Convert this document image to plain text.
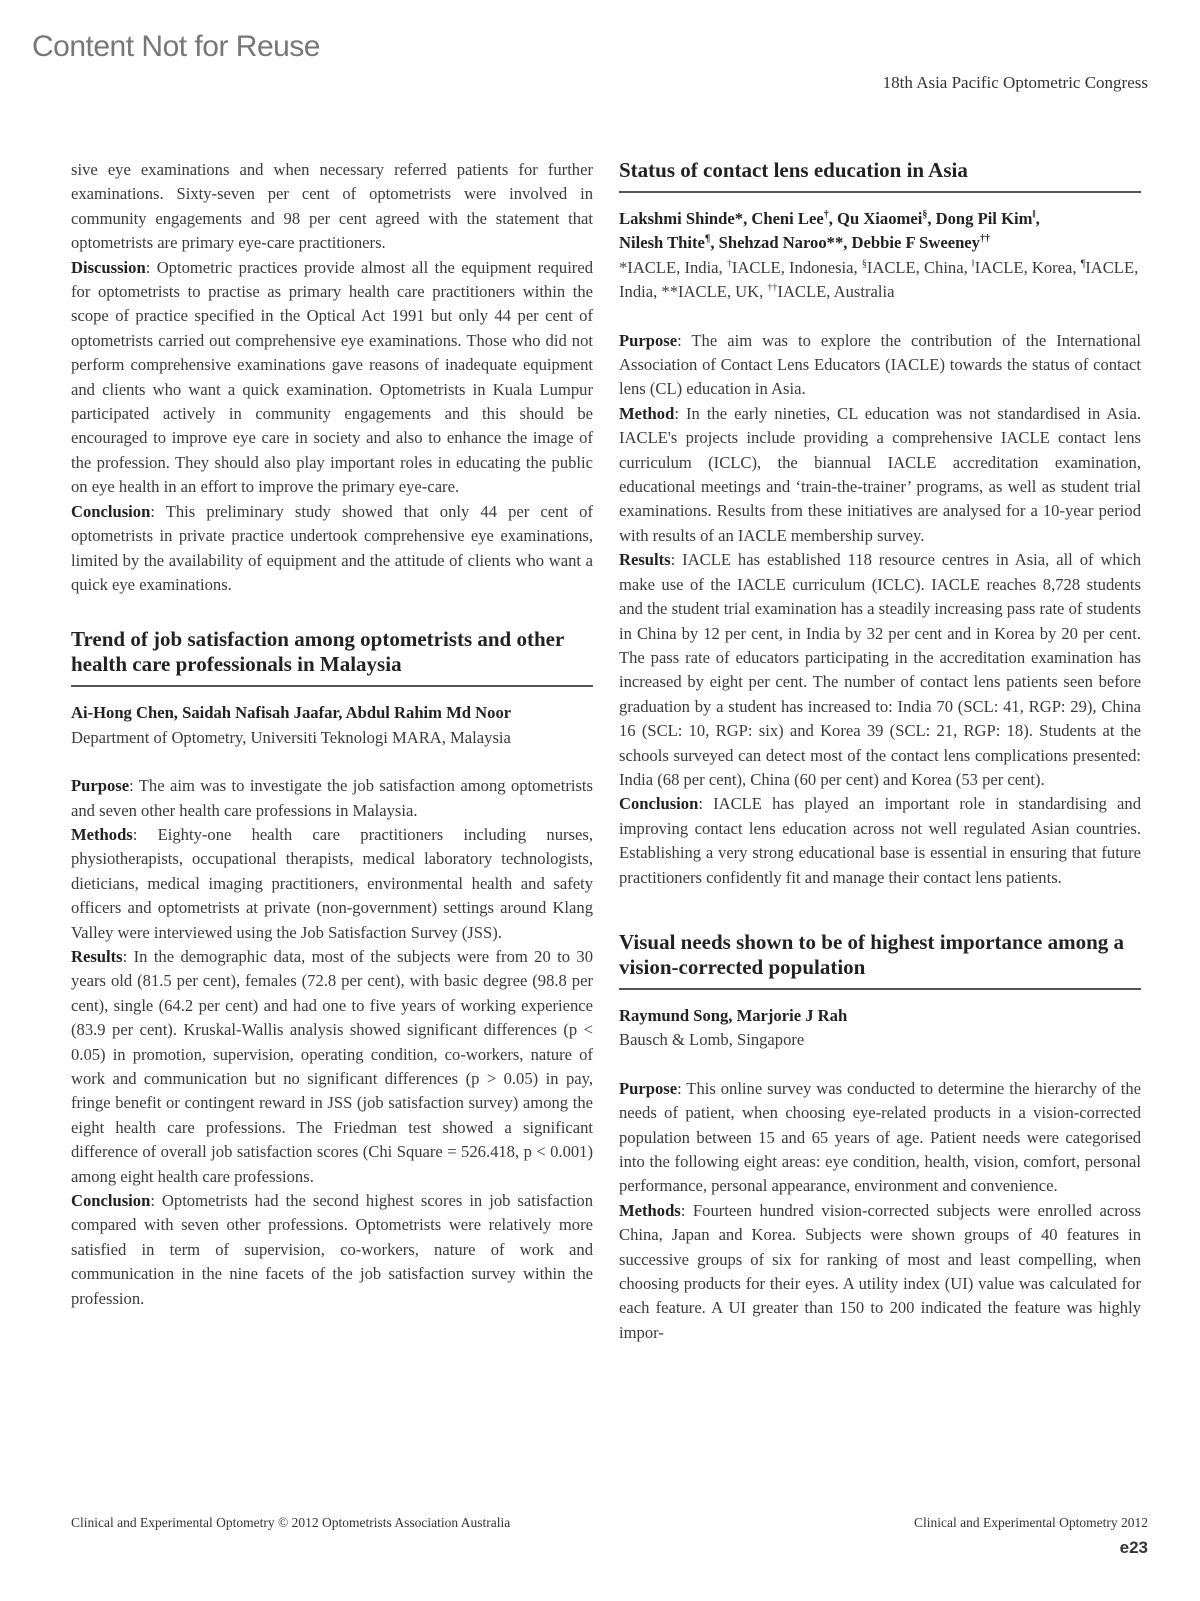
Content Not for Reuse
18th Asia Pacific Optometric Congress

sive eye examinations and when necessary referred patients for further examinations. Sixty-seven per cent of optometrists were involved in community engagements and 98 per cent agreed with the statement that optometrists are primary eye-care practitioners.

Discussion: Optometric practices provide almost all the equipment required for optometrists to practise as primary health care practitioners within the scope of practice specified in the Optical Act 1991 but only 44 per cent of optometrists carried out comprehensive eye examinations. Those who did not perform comprehensive examinations gave reasons of inadequate equipment and clients who want a quick examination. Optometrists in Kuala Lumpur participated actively in community engagements and this should be encouraged to improve eye care in society and also to enhance the image of the profession. They should also play important roles in educating the public on eye health in an effort to improve the primary eye-care.

Conclusion: This preliminary study showed that only 44 per cent of optometrists in private practice undertook comprehensive eye examinations, limited by the availability of equipment and the attitude of clients who want a quick eye examinations.

Trend of job satisfaction among optometrists and other health care professionals in Malaysia
Ai-Hong Chen, Saidah Nafisah Jaafar, Abdul Rahim Md Noor
Department of Optometry, Universiti Teknologi MARA, Malaysia

Purpose: The aim was to investigate the job satisfaction among optometrists and seven other health care professions in Malaysia.

Methods: Eighty-one health care practitioners including nurses, physiotherapists, occupational therapists, medical laboratory technologists, dieticians, medical imaging practitioners, environmental health and safety officers and optometrists at private (non-government) settings around Klang Valley were interviewed using the Job Satisfaction Survey (JSS).

Results: In the demographic data, most of the subjects were from 20 to 30 years old (81.5 per cent), females (72.8 per cent), with basic degree (98.8 per cent), single (64.2 per cent) and had one to five years of working experience (83.9 per cent). Kruskal-Wallis analysis showed significant differences (p < 0.05) in promotion, supervision, operating condition, co-workers, nature of work and communication but no significant differences (p > 0.05) in pay, fringe benefit or contingent reward in JSS (job satisfaction survey) among the eight health care professions. The Friedman test showed a significant difference of overall job satisfaction scores (Chi Square = 526.418, p < 0.001) among eight health care professions.

Conclusion: Optometrists had the second highest scores in job satisfaction compared with seven other professions. Optometrists were relatively more satisfied in term of supervision, co-workers, nature of work and communication in the nine facets of the job satisfaction survey within the profession.

Status of contact lens education in Asia
Lakshmi Shinde*, Cheni Lee†, Qu Xiaomei§, Dong Pil Kim‖,
Nilesh Thite¶, Shehzad Naroo**, Debbie F Sweeney††
*IACLE, India, †IACLE, Indonesia, §IACLE, China, ‖IACLE, Korea, ¶IACLE, India, **IACLE, UK, ††IACLE, Australia

Purpose: The aim was to explore the contribution of the International Association of Contact Lens Educators (IACLE) towards the status of contact lens (CL) education in Asia.

Method: In the early nineties, CL education was not standardised in Asia. IACLE's projects include providing a comprehensive IACLE contact lens curriculum (ICLC), the biannual IACLE accreditation examination, educational meetings and ‘train-the-trainer’ programs, as well as student trial examinations. Results from these initiatives are analysed for a 10-year period with results of an IACLE membership survey.

Results: IACLE has established 118 resource centres in Asia, all of which make use of the IACLE curriculum (ICLC). IACLE reaches 8,728 students and the student trial examination has a steadily increasing pass rate of students in China by 12 per cent, in India by 32 per cent and in Korea by 20 per cent. The pass rate of educators participating in the accreditation examination has increased by eight per cent. The number of contact lens patients seen before graduation by a student has increased to: India 70 (SCL: 41, RGP: 29), China 16 (SCL: 10, RGP: six) and Korea 39 (SCL: 21, RGP: 18). Students at the schools surveyed can detect most of the contact lens complications presented: India (68 per cent), China (60 per cent) and Korea (53 per cent).

Conclusion: IACLE has played an important role in standardising and improving contact lens education across not well regulated Asian countries. Establishing a very strong educational base is essential in ensuring that future practitioners confidently fit and manage their contact lens patients.

Visual needs shown to be of highest importance among a vision-corrected population
Raymund Song, Marjorie J Rah
Bausch & Lomb, Singapore

Purpose: This online survey was conducted to determine the hierarchy of the needs of patient, when choosing eye-related products in a vision-corrected population between 15 and 65 years of age. Patient needs were categorised into the following eight areas: eye condition, health, vision, comfort, personal performance, personal appearance, environment and convenience.

Methods: Fourteen hundred vision-corrected subjects were enrolled across China, Japan and Korea. Subjects were shown groups of 40 features in successive groups of six for ranking of most and least compelling, when choosing products for their eyes. A utility index (UI) value was calculated for each feature. A UI greater than 150 to 200 indicated the feature was highly impor-

Clinical and Experimental Optometry © 2012 Optometrists Association Australia	Clinical and Experimental Optometry 2012
e23
